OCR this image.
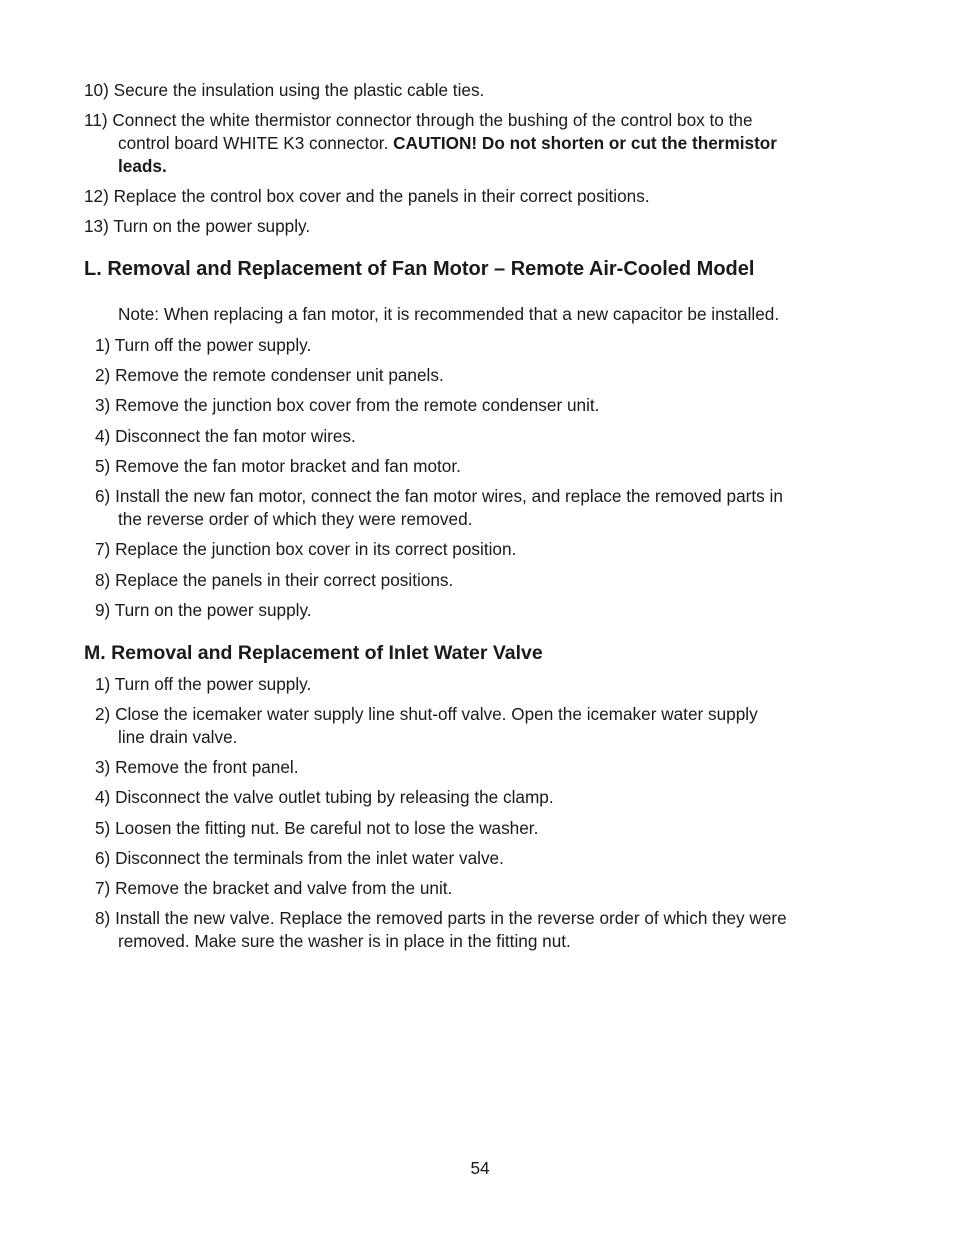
10) Secure the insulation using the plastic cable ties.

11) Connect the white thermistor connector through the bushing of the control box to the
control board WHITE K3 connector. CAUTION! Do not shorten or cut the thermistor
leads.

12) Replace the control box cover and the panels in their correct positions.

13) Turn on the power supply.

L. Removal and Replacement of Fan Motor – Remote Air-Cooled Model

Note: When replacing a fan motor, it is recommended that a new capacitor be installed.

1) Turn off the power supply.

2) Remove the remote condenser unit panels.

3) Remove the junction box cover from the remote condenser unit.

4) Disconnect the fan motor wires.

5) Remove the fan motor bracket and fan motor.

6) Install the new fan motor, connect the fan motor wires, and replace the removed parts in
the reverse order of which they were removed.

7) Replace the junction box cover in its correct position.

8) Replace the panels in their correct positions.

9) Turn on the power supply.

M. Removal and Replacement of Inlet Water Valve

1) Turn off the power supply.

2) Close the icemaker water supply line shut-off valve. Open the icemaker water supply
line drain valve.

3) Remove the front panel.

4) Disconnect the valve outlet tubing by releasing the clamp.

5) Loosen the fitting nut. Be careful not to lose the washer.

6) Disconnect the terminals from the inlet water valve.

7) Remove the bracket and valve from the unit.

8) Install the new valve. Replace the removed parts in the reverse order of which they were
removed. Make sure the washer is in place in the fitting nut.
54
